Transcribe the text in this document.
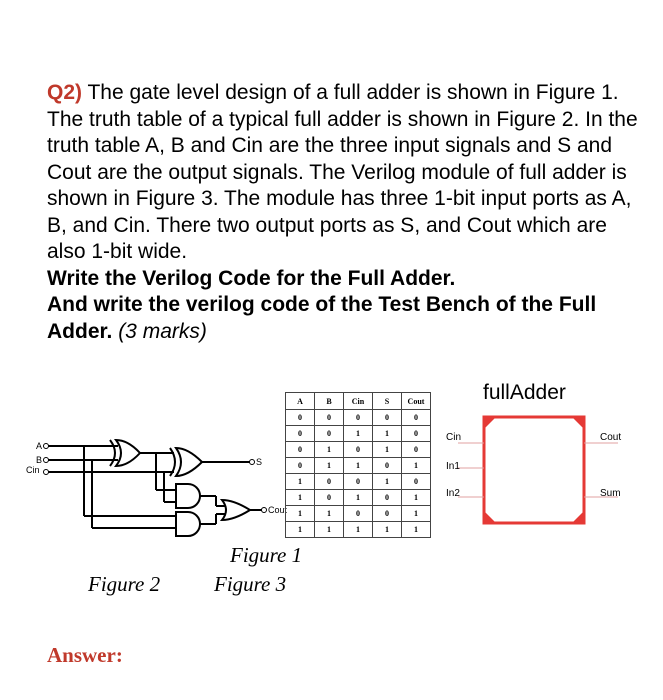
Q2) The gate level design of a full adder is shown in Figure 1. The truth table of a typical full adder is shown in Figure 2. In the truth table A, B and Cin are the three input signals and S and Cout are the output signals. The Verilog module of full adder is shown in Figure 3. The module has three 1-bit input ports as A, B, and Cin. There two output ports as S, and Cout which are also 1-bit wide.
Write the Verilog Code for the Full Adder.
And write the verilog code of the Test Bench of the Full Adder. (3 marks)
A
B
Cin
S
Cout
A	B	Cin	S	Cout
0	0	0	0	0
0	0	1	1	0
0	1	0	1	0
0	1	1	0	1
1	0	0	1	0
1	0	1	0	1
1	1	0	0	1
1	1	1	1	1
fullAdder
Cin
In1
In2
Cout
Sum
Figure 1
Figure 2	Figure 3
Answer:
